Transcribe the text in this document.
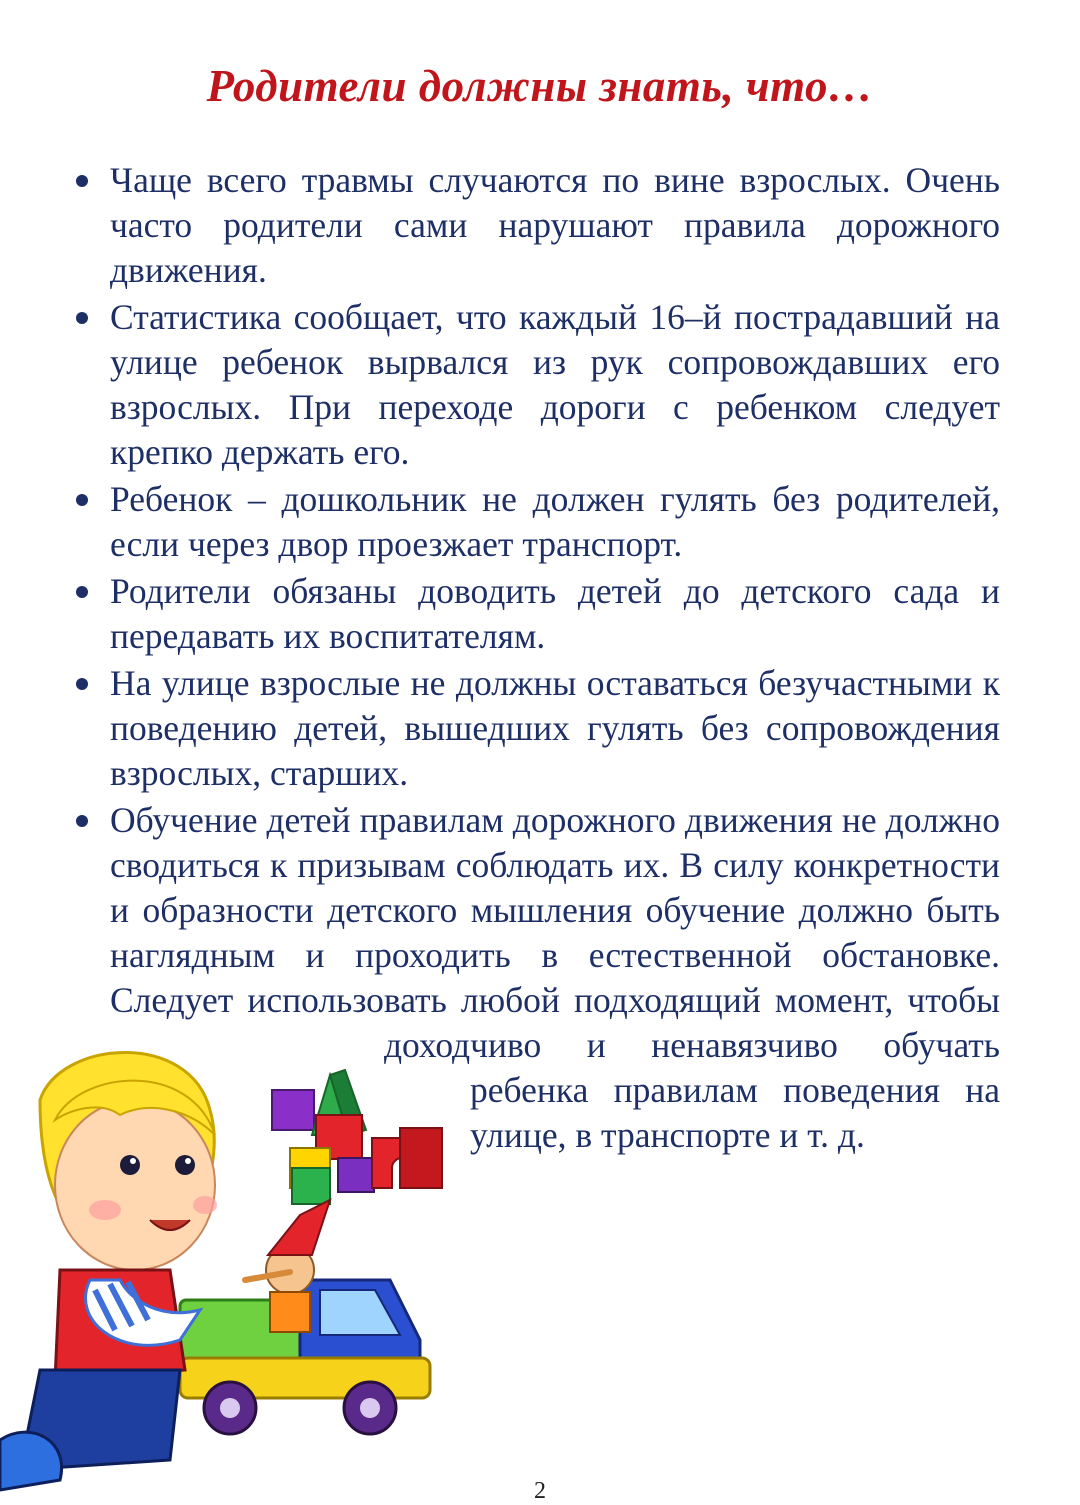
Родители должны знать, что…
Чаще всего травмы случаются по вине взрослых. Очень часто родители сами нарушают правила дорожного движения.
Статистика сообщает, что каждый 16–й пострадавший на улице ребенок вырвался из рук сопровождавших его взрослых. При переходе дороги с ребенком следует крепко держать его.
Ребенок – дошкольник не должен гулять без родителей, если через двор проезжает транспорт.
Родители обязаны доводить детей до детского сада и передавать их воспитателям.
На улице взрослые не должны оставаться безучастными к поведению детей, вышедших гулять без сопровождения взрослых, старших.
Обучение детей правилам дорожного движения не должно сводиться к призывам соблюдать их. В силу конкретности и образности детского мышления обучение должно быть наглядным и проходить в естественной обстановке. Следует использовать любой подходящий момент, чтобы
доходчиво и ненавязчиво обучать
ребенка правилам поведения на улице, в транспорте и т. д.
2
